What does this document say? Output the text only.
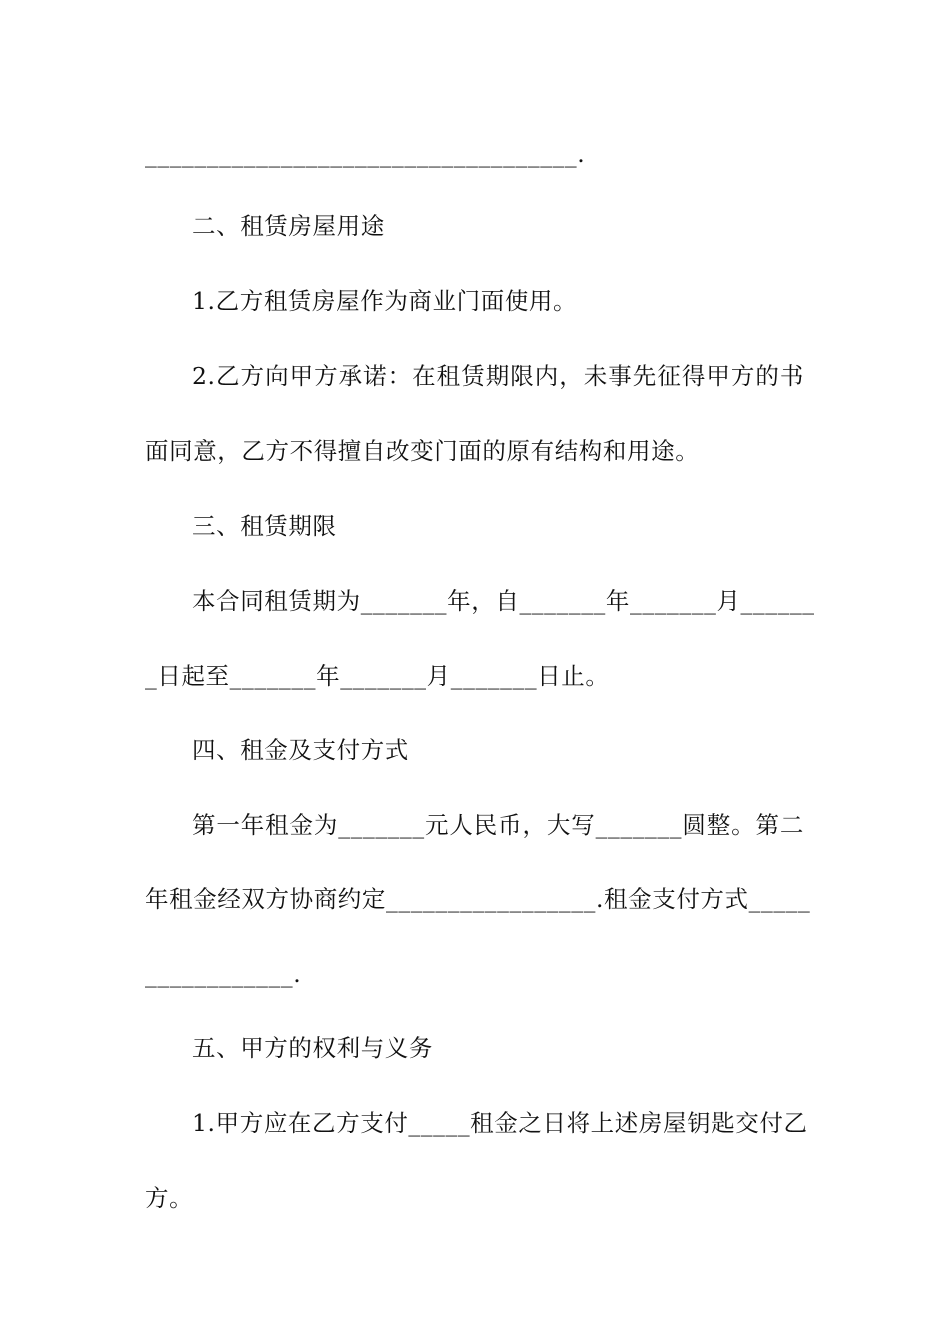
___________________________________.
二、租赁房屋用途
1.乙方租赁房屋作为商业门面使用。
2.乙方向甲方承诺：在租赁期限内，未事先征得甲方的书
面同意，乙方不得擅自改变门面的原有结构和用途。
三、租赁期限
本合同租赁期为_______年，自_______年_______月______
_日起至_______年_______月_______日止。
四、租金及支付方式
第一年租金为_______元人民币，大写_______圆整。第二
年租金经双方协商约定_________________.租金支付方式_____
____________.
五、甲方的权利与义务
1.甲方应在乙方支付_____租金之日将上述房屋钥匙交付乙
方。
